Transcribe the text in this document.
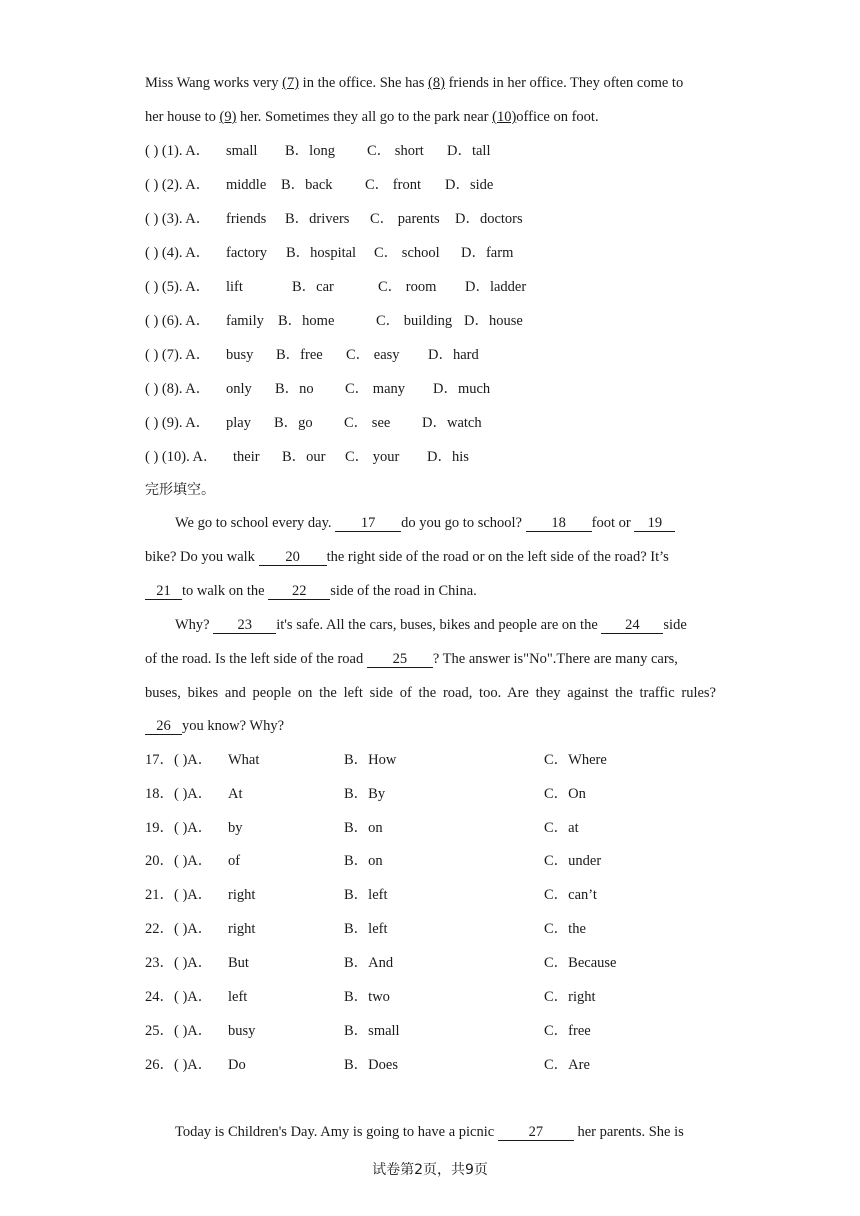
Miss Wang works very (7) in the office. She has (8) friends in her office. They often come to
her house to (9) her. Sometimes they all go to the park near (10)office on foot.
( ) (1). A． small B．long C． short D．tall
( ) (2). A． middle B．back C． front D．side
( ) (3). A． friends B．drivers C． parents D．doctors
( ) (4). A． factory B．hospital C． school D．farm
( ) (5). A． lift	B．car	C． room D．ladder
( ) (6). A． family B．home	C． building D．house
( ) (7). A． busy B．free C． easy D．hard
( ) (8). A． only B．no C． many D．much
( ) (9). A． play B．go C． see D．watch
( ) (10). A． their B．our C． your D．his
完形填空。
We go to school every day. 17 do you go to school? 18 foot or 19
bike? Do you walk 20 the right side of the road or on the left side of the road? It’s
21 to walk on the 22 side of the road in China.
Why? 23 it's safe. All the cars, buses, bikes and people are on the 24 side
of the road. Is the left side of the road 25 ? The answer is"No".There are many cars,
buses, bikes and people on the left side of the road, too. Are they against the traffic rules?
26 you know? Why?
17．( )A． What	B．How	C．Where
18．( )A． At	B．By	C．On
19．( )A． by	B．on	C．at
20．( )A． of	B．on	C．under
21．( )A． right	B．left	C．can’t
22．( )A． right	B．left	C．the
23．( )A． But	B．And	C．Because
24．( )A． left	B．two	C．right
25．( )A． busy	B．small	C．free
26．( )A． Do	B．Does	C．Are
Today is Children's Day. Amy is going to have a picnic 27 her parents. She is
试卷第2页，共9页
